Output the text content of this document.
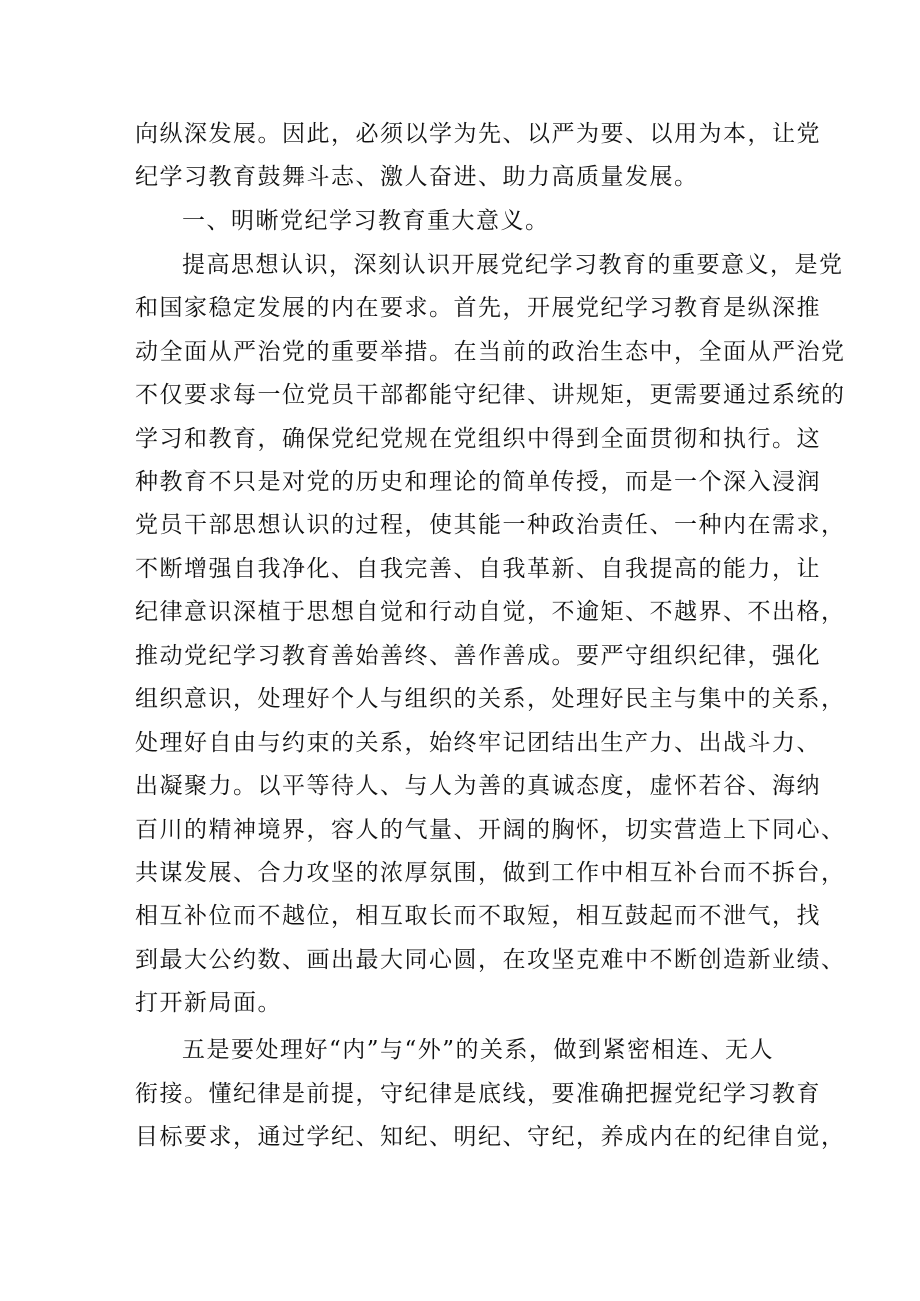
向纵深发展。因此，必须以学为先、以严为要、以用为本，让党
纪学习教育鼓舞斗志、激人奋进、助力高质量发展。
一、明晰党纪学习教育重大意义。
提高思想认识，深刻认识开展党纪学习教育的重要意义，是党
和国家稳定发展的内在要求。首先，开展党纪学习教育是纵深推
动全面从严治党的重要举措。在当前的政治生态中，全面从严治党
不仅要求每一位党员干部都能守纪律、讲规矩，更需要通过系统的
学习和教育，确保党纪党规在党组织中得到全面贯彻和执行。这
种教育不只是对党的历史和理论的简单传授，而是一个深入浸润
党员干部思想认识的过程，使其能一种政治责任、一种内在需求，
不断增强自我净化、自我完善、自我革新、自我提高的能力，让
纪律意识深植于思想自觉和行动自觉，不逾矩、不越界、不出格，
推动党纪学习教育善始善终、善作善成。要严守组织纪律，强化
组织意识，处理好个人与组织的关系，处理好民主与集中的关系，
处理好自由与约束的关系，始终牢记团结出生产力、出战斗力、
出凝聚力。以平等待人、与人为善的真诚态度，虚怀若谷、海纳
百川的精神境界，容人的气量、开阔的胸怀，切实营造上下同心、
共谋发展、合力攻坚的浓厚氛围，做到工作中相互补台而不拆台，
相互补位而不越位，相互取长而不取短，相互鼓起而不泄气，找
到最大公约数、画出最大同心圆，在攻坚克难中不断创造新业绩、
打开新局面。
五是要处理好“内”与“外”的关系，做到紧密相连、无人
衔接。懂纪律是前提，守纪律是底线，要准确把握党纪学习教育
目标要求，通过学纪、知纪、明纪、守纪，养成内在的纪律自觉，
